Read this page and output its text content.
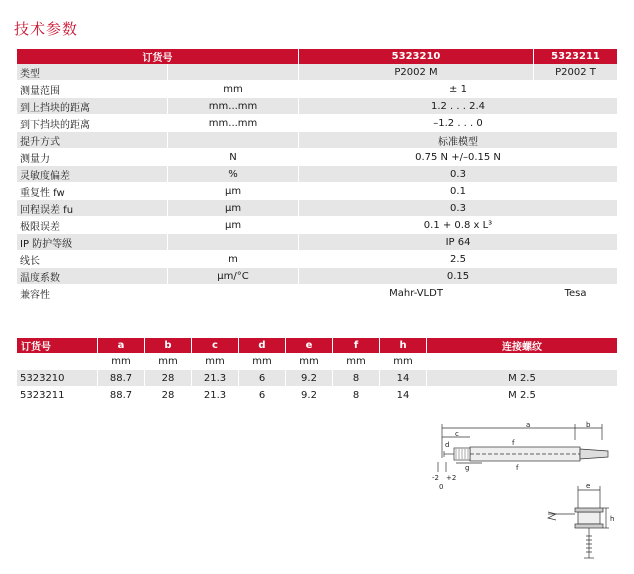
技术参数
订货号		5323210	5323211
类型		P2002 M	P2002 T
测量范围	mm	± 1	
到上挡块的距离	mm...mm	1.2 . . . 2.4	
到下挡块的距离	mm...mm	–1.2 . . . 0	
提升方式		标准模型	
测量力	N	0.75 N +/–0.15 N	
灵敏度偏差	%	0.3	
重复性 fw	µm	0.1	
回程误差 fu	µm	0.3	
极限误差	µm	0.1 + 0.8 x L³	
IP 防护等级		IP 64	
线长	m	2.5	
温度系数	µm/°C	0.15	
兼容性		Mahr-VLDT	Tesa
订货号	a	b	c	d	e	f	h	连接螺纹
	mm	mm	mm	mm	mm	mm	mm	
5323210	88.7	28	21.3	6	9.2	8	14	M 2.5
5323211	88.7	28	21.3	6	9.2	8	14	M 2.5
a	b
c
d	f
f
g
-2 +2
0	e
h
